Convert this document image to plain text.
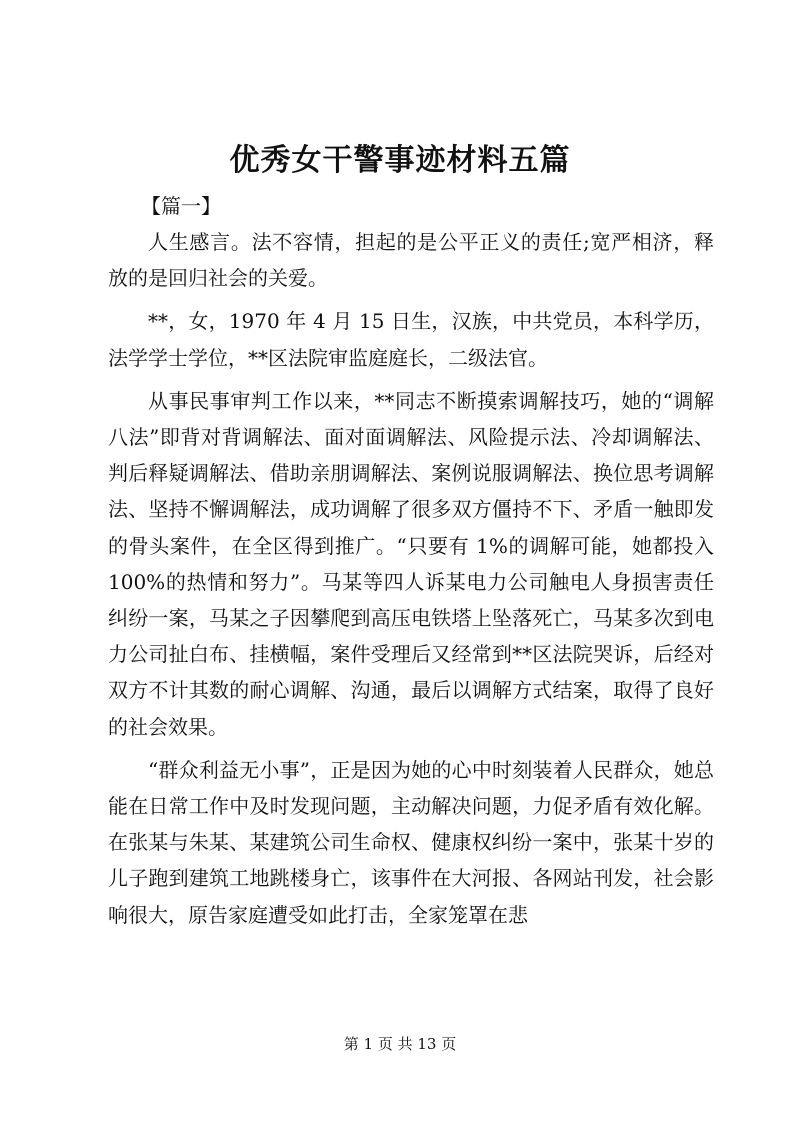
优秀女干警事迹材料五篇

【篇一】

人生感言。法不容情，担起的是公平正义的责任;宽严相济，释放的是回归社会的关爱。

**，女，1970 年 4 月 15 日生，汉族，中共党员，本科学历，法学学士学位，**区法院审监庭庭长，二级法官。

从事民事审判工作以来，**同志不断摸索调解技巧，她的“调解八法”即背对背调解法、面对面调解法、风险提示法、冷却调解法、判后释疑调解法、借助亲朋调解法、案例说服调解法、换位思考调解法、坚持不懈调解法，成功调解了很多双方僵持不下、矛盾一触即发的骨头案件，在全区得到推广。“只要有 1%的调解可能，她都投入 100%的热情和努力”。马某等四人诉某电力公司触电人身损害责任纠纷一案，马某之子因攀爬到高压电铁塔上坠落死亡，马某多次到电力公司扯白布、挂横幅，案件受理后又经常到**区法院哭诉，后经对双方不计其数的耐心调解、沟通，最后以调解方式结案，取得了良好的社会效果。

“群众利益无小事”，正是因为她的心中时刻装着人民群众，她总能在日常工作中及时发现问题，主动解决问题，力促矛盾有效化解。在张某与朱某、某建筑公司生命权、健康权纠纷一案中，张某十岁的儿子跑到建筑工地跳楼身亡，该事件在大河报、各网站刊发，社会影响很大，原告家庭遭受如此打击，全家笼罩在悲

第 1 页 共 13 页
